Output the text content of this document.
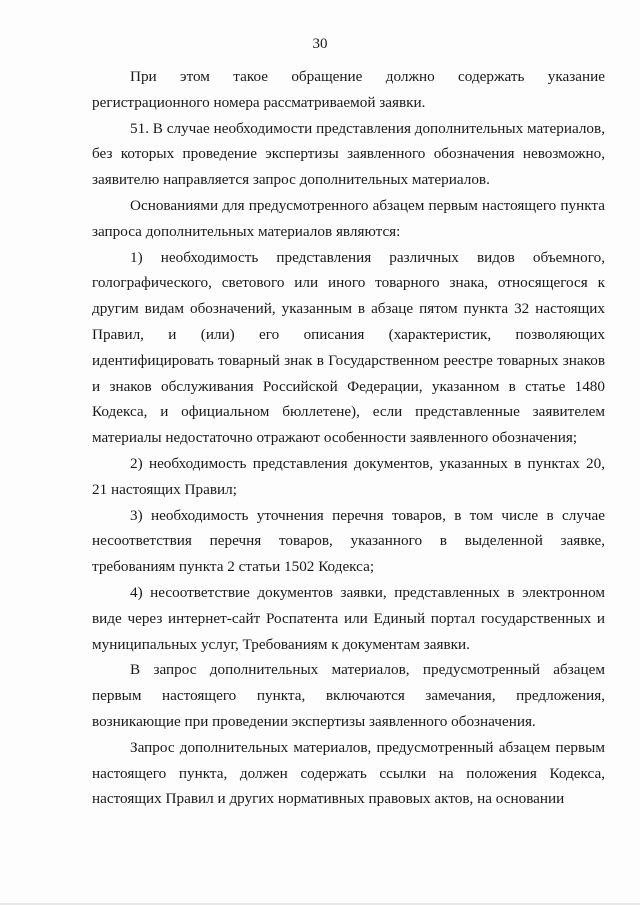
30

При этом такое обращение должно содержать указание регистрационного номера рассматриваемой заявки.

51. В случае необходимости представления дополнительных материалов, без которых проведение экспертизы заявленного обозначения невозможно, заявителю направляется запрос дополнительных материалов.

Основаниями для предусмотренного абзацем первым настоящего пункта запроса дополнительных материалов являются:

1) необходимость представления различных видов объемного, голографического, светового или иного товарного знака, относящегося к другим видам обозначений, указанным в абзаце пятом пункта 32 настоящих Правил, и (или) его описания (характеристик, позволяющих идентифицировать товарный знак в Государственном реестре товарных знаков и знаков обслуживания Российской Федерации, указанном в статье 1480 Кодекса, и официальном бюллетене), если представленные заявителем материалы недостаточно отражают особенности заявленного обозначения;

2) необходимость представления документов, указанных в пунктах 20, 21 настоящих Правил;

3) необходимость уточнения перечня товаров, в том числе в случае несоответствия перечня товаров, указанного в выделенной заявке, требованиям пункта 2 статьи 1502 Кодекса;

4) несоответствие документов заявки, представленных в электронном виде через интернет-сайт Роспатента или Единый портал государственных и муниципальных услуг, Требованиям к документам заявки.

В запрос дополнительных материалов, предусмотренный абзацем первым настоящего пункта, включаются замечания, предложения, возникающие при проведении экспертизы заявленного обозначения.

Запрос дополнительных материалов, предусмотренный абзацем первым настоящего пункта, должен содержать ссылки на положения Кодекса, настоящих Правил и других нормативных правовых актов, на основании
